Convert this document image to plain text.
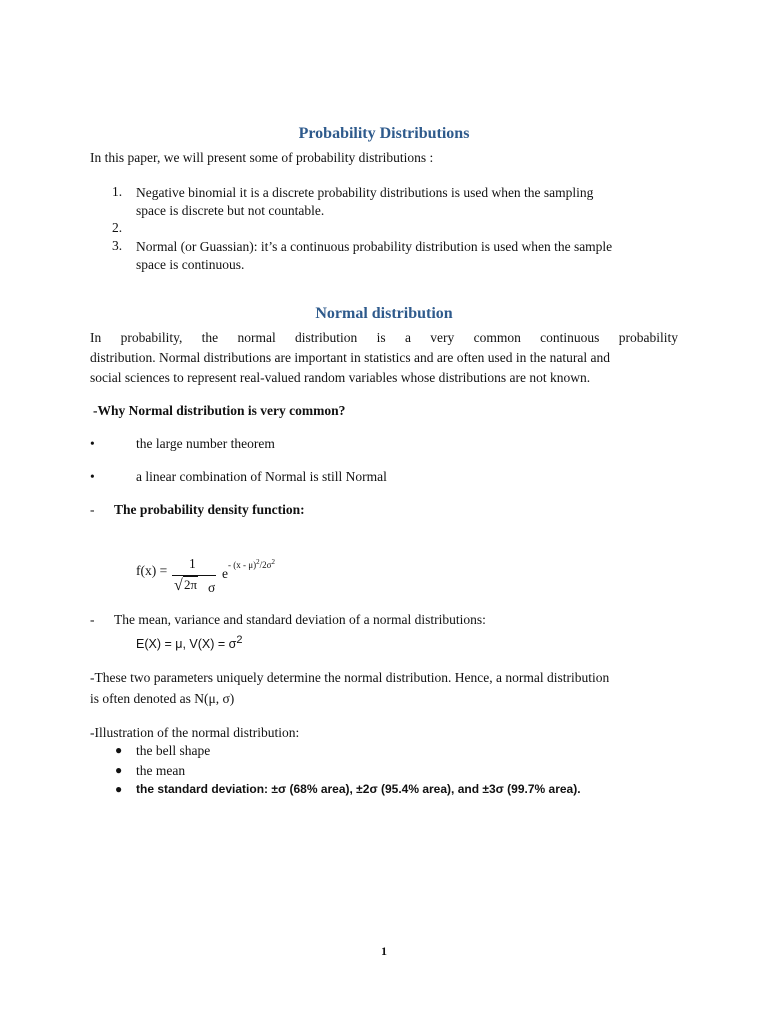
Probability Distributions
In this paper, we will present some of probability distributions :
1. Negative binomial it is a discrete probability distributions is used when the sampling
space is discrete but not countable.
2.
3. Normal (or Guassian): it’s a continuous probability distribution is used when the sample
space is continuous.
Normal distribution
In probability, the normal distribution is a very common continuous probability
distribution. Normal distributions are important in statistics and are often used in the natural and
social sciences to represent real-valued random variables whose distributions are not known.
-Why Normal distribution is very common?
•	the large number theorem
•	a linear combination of Normal is still Normal
- The probability density function:
f(x) = 1
√ 2π σ
e
- $(x - \mu)^2/2\sigma^2$
- The mean, variance and standard deviation of a normal distributions:
E(X) = μ, $V(X) = \sigma^2$
-These two parameters uniquely determine the normal distribution. Hence, a normal distribution
is often denoted as N(μ, σ)
-Illustration of the normal distribution:
● the bell shape
● the mean
● the standard deviation: ±σ (68% area), ±2σ (95.4% area), and ±3σ (99.7% area).
1
